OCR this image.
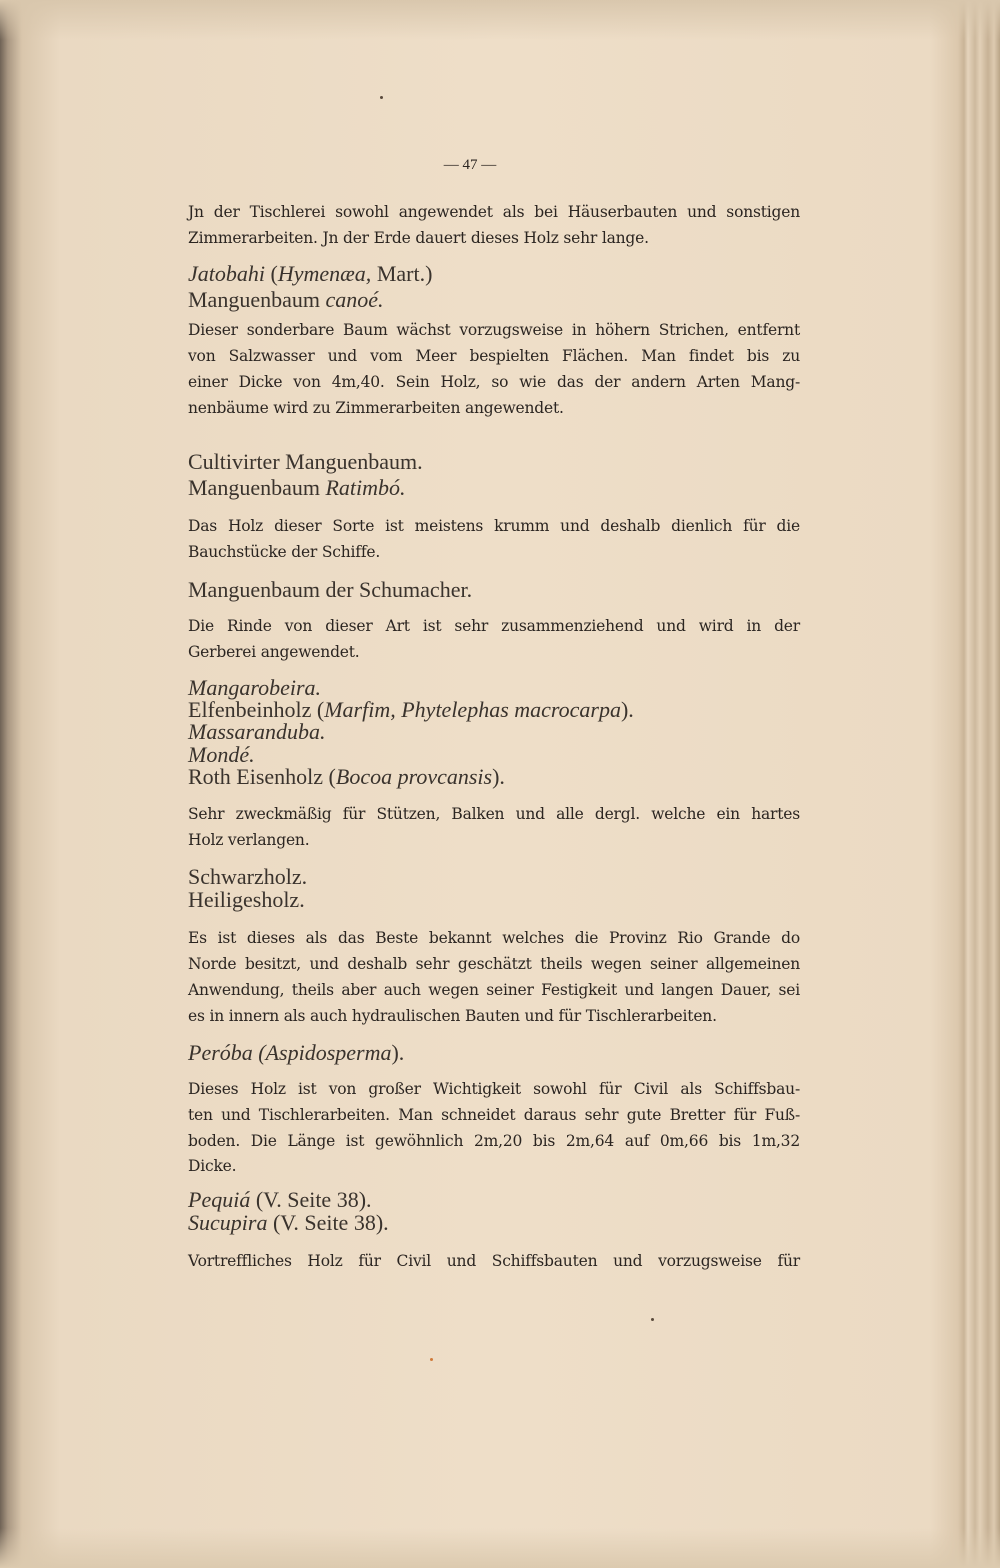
— 47 —
Jn der Tischlerei sowohl angewendet als bei Häuserbauten und sonstigen
Zimmerarbeiten. Jn der Erde dauert dieses Holz sehr lange.
Jatobahi (Hymenæa, Mart.)
Manguenbaum canoé.
Dieser sonderbare Baum wächst vorzugsweise in höhern Strichen, entfernt
von Salzwasser und vom Meer bespielten Flächen. Man findet bis zu
einer Dicke von 4m,40. Sein Holz, so wie das der andern Arten Mang-
nenbäume wird zu Zimmerarbeiten angewendet.
Cultivirter Manguenbaum.
Manguenbaum Ratimbó.
Das Holz dieser Sorte ist meistens krumm und deshalb dienlich für die
Bauchstücke der Schiffe.
Manguenbaum der Schumacher.
Die Rinde von dieser Art ist sehr zusammenziehend und wird in der
Gerberei angewendet.
Mangarobeira.
Elfenbeinholz (Marfim, Phytelephas macrocarpa).
Massaranduba.
Mondé.
Roth Eisenholz (Bocoa provcansis).
Sehr zweckmäßig für Stützen, Balken und alle dergl. welche ein hartes
Holz verlangen.
Schwarzholz.
Heiligesholz.
Es ist dieses als das Beste bekannt welches die Provinz Rio Grande do
Norde besitzt, und deshalb sehr geschätzt theils wegen seiner allgemeinen
Anwendung, theils aber auch wegen seiner Festigkeit und langen Dauer, sei
es in innern als auch hydraulischen Bauten und für Tischlerarbeiten.
Peróba (Aspidosperma).
Dieses Holz ist von großer Wichtigkeit sowohl für Civil als Schiffsbau-
ten und Tischlerarbeiten. Man schneidet daraus sehr gute Bretter für Fuß-
boden. Die Länge ist gewöhnlich 2m,20 bis 2m,64 auf 0m,66 bis 1m,32
Dicke.
Pequiá (V. Seite 38).
Sucupira (V. Seite 38).
Vortreffliches Holz für Civil und Schiffsbauten und vorzugsweise für
